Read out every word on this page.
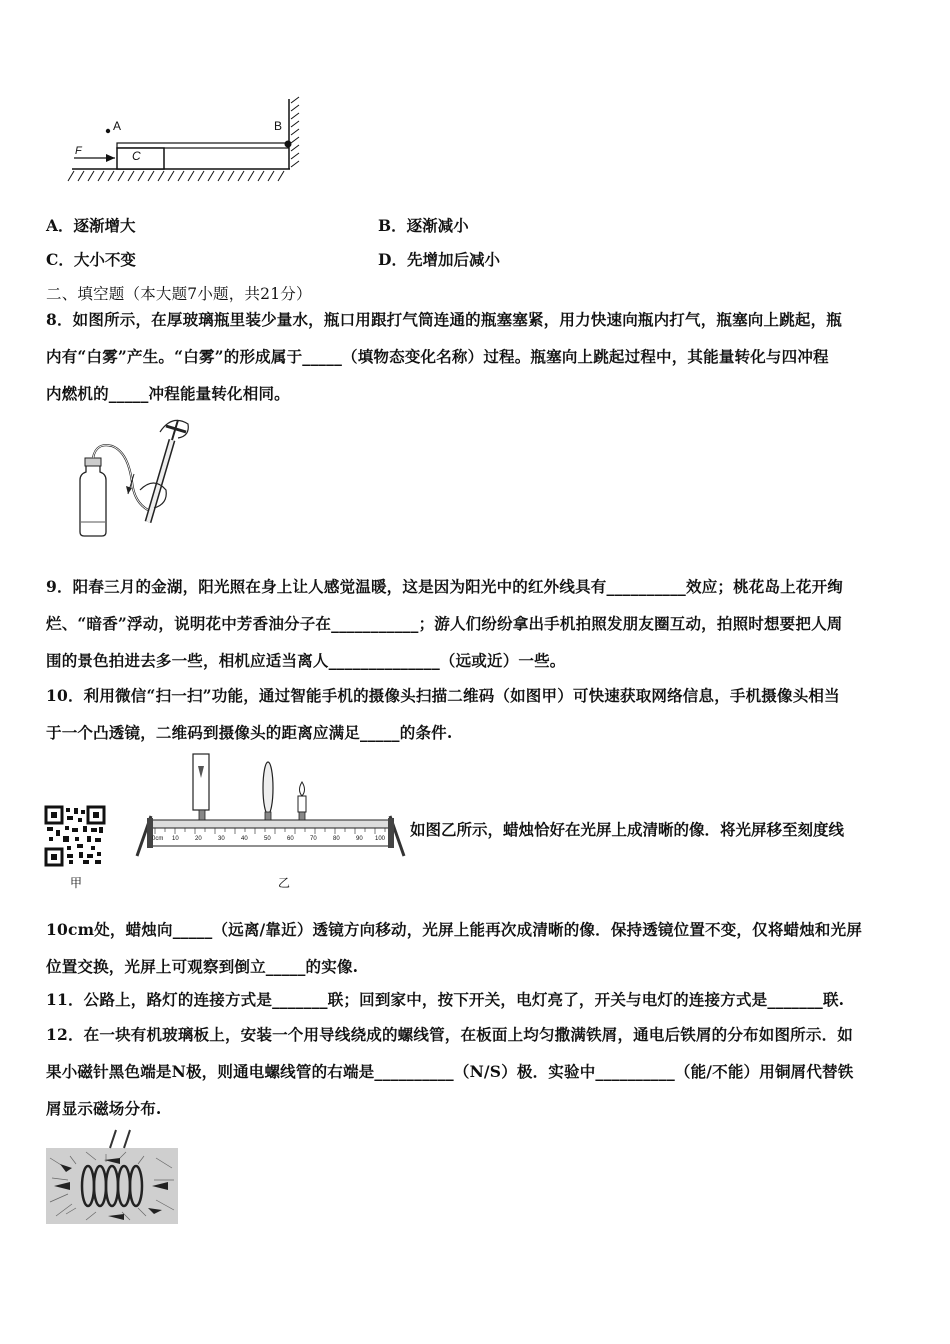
A	B
C
F
A．逐渐增大	B．逐渐减小
C．大小不变	D．先增加后减小
二、填空题（本大题7小题，共21分）
8．如图所示，在厚玻璃瓶里装少量水，瓶口用跟打气筒连通的瓶塞塞紧，用力快速向瓶内打气，瓶塞向上跳起，瓶
内有“白雾”产生。“白雾”的形成属于_____（填物态变化名称）过程。瓶塞向上跳起过程中，其能量转化与四冲程
内燃机的_____冲程能量转化相同。
9．阳春三月的金湖，阳光照在身上让人感觉温暖，这是因为阳光中的红外线具有__________效应；桃花岛上花开绚
烂、“暗香”浮动，说明花中芳香油分子在___________；游人们纷纷拿出手机拍照发朋友圈互动，拍照时想要把人周
围的景色拍进去多一些，相机应适当离人______________（远或近）一些。
10．利用微信“扫一扫”功能，通过智能手机的摄像头扫描二维码（如图甲）可快速获取网络信息，手机摄像头相当
于一个凸透镜，二维码到摄像头的距离应满足_____的条件.
甲
0cm 10	20	30	40	50	60	70	80	90 100
乙
如图乙所示，蜡烛恰好在光屏上成清晰的像．将光屏移至刻度线
10cm处，蜡烛向_____（远离/靠近）透镜方向移动，光屏上能再次成清晰的像．保持透镜位置不变，仅将蜡烛和光屏
位置交换，光屏上可观察到倒立_____的实像.
11．公路上，路灯的连接方式是_______联；回到家中，按下开关，电灯亮了，开关与电灯的连接方式是_______联.
12．在一块有机玻璃板上，安装一个用导线绕成的螺线管，在板面上均匀撒满铁屑，通电后铁屑的分布如图所示．如
果小磁针黑色端是N极，则通电螺线管的右端是__________（N/S）极．实验中__________（能/不能）用铜屑代替铁
屑显示磁场分布.
